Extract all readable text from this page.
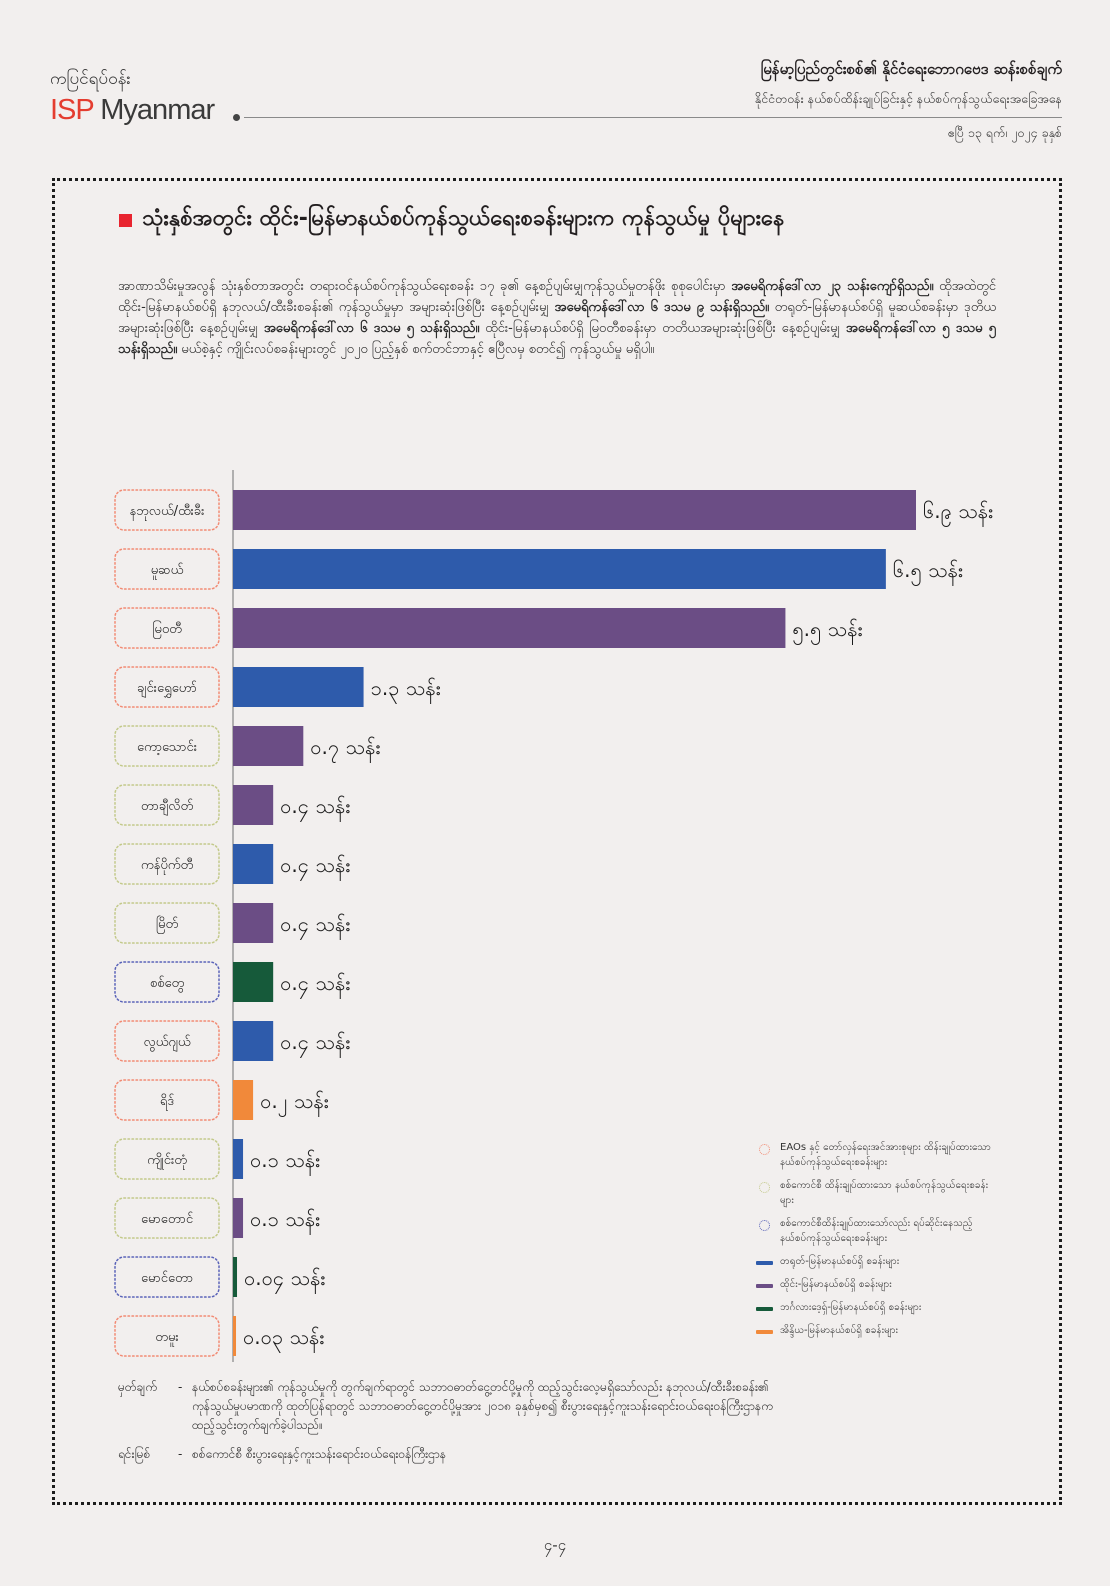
ကပြင်ရပ်ဝန်း
ISP Myanmar
မြန်မာ့ပြည်တွင်းစစ်၏ နိုင်ငံရေးဘောဂဗေဒ ဆန်းစစ်ချက်
နိုင်ငံတဝန်း နယ်စပ်ထိန်းချုပ်ခြင်းနှင့် နယ်စပ်ကုန်သွယ်ရေးအခြေအနေ
ဧပြီ ၁၃ ရက်၊ ၂၀၂၄ ခုနှစ်
သုံးနှစ်အတွင်း ထိုင်း-မြန်မာနယ်စပ်ကုန်သွယ်ရေးစခန်းများက ကုန်သွယ်မှု ပိုများနေ
အာဏာသိမ်းမှုအလွန် သုံးနှစ်တာအတွင်း တရားဝင်နယ်စပ်ကုန်သွယ်ရေးစခန်း ၁၇ ခု၏ နေ့စဉ်ပျမ်းမျှကုန်သွယ်မှုတန်ဖိုး စုစုပေါင်းမှာ အမေရိကန်ဒေါ်လာ ၂၃ သန်းကျော်ရှိသည်။ ထိုအထဲတွင် ထိုင်း-မြန်မာနယ်စပ်ရှိ နဘုလယ်/ထီးခီးစခန်း၏ ကုန်သွယ်မှုမှာ အများဆုံးဖြစ်ပြီး နေ့စဉ်ပျမ်းမျှ အမေရိကန်ဒေါ်လာ ၆ ဒသမ ၉ သန်းရှိသည်။ တရုတ်-မြန်မာနယ်စပ်ရှိ မူဆယ်စခန်းမှာ ဒုတိယအများဆုံးဖြစ်ပြီး နေ့စဉ်ပျမ်းမျှ အမေရိကန်ဒေါ်လာ ၆ ဒသမ ၅ သန်းရှိသည်။ ထိုင်း-မြန်မာနယ်စပ်ရှိ မြဝတီစခန်းမှာ တတိယအများဆုံးဖြစ်ပြီး နေ့စဉ်ပျမ်းမျှ အမေရိကန်ဒေါ်လာ ၅ ဒသမ ၅ သန်းရှိသည်။ မယ်စဲ့နှင့် ကျိုင်းလပ်စခန်းများတွင် ၂၀၂၀ ပြည့်နှစ် စက်တင်ဘာနှင့် ဧပြီလမှ စတင်၍ ကုန်သွယ်မှု မရှိပါ။
နဘုလယ်/ထီးခီး	၆.၉ သန်း
မူဆယ်	၆.၅ သန်း
မြဝတီ	၅.၅ သန်း
ချင်းရွှေဟော်	၁.၃ သန်း
ကော့သောင်း	၀.၇ သန်း
တာချီလိတ်	၀.၄ သန်း
ကန်ပိုက်တီ	၀.၄ သန်း
မြိတ်	၀.၄ သန်း
စစ်တွေ	၀.၄ သန်း
လွယ်ဂျယ်	၀.၄ သန်း
ရိဒ်	၀.၂ သန်း
ကျိုင်းတုံ	၀.၁ သန်း
မောတောင်	၀.၁ သန်း
မောင်တော	၀.၀၄ သန်း
တမူး	၀.၀၃ သန်း
EAOs နှင့် တော်လှန်ရေးအင်အားစုများ ထိန်းချုပ်ထားသော နယ်စပ်ကုန်သွယ်ရေးစခန်းများ
စစ်ကောင်စီ ထိန်းချုပ်ထားသော နယ်စပ်ကုန်သွယ်ရေးစခန်းများ
စစ်ကောင်စီထိန်းချုပ်ထားသော်လည်း ရပ်ဆိုင်းနေသည့် နယ်စပ်ကုန်သွယ်ရေးစခန်းများ
တရုတ်-မြန်မာနယ်စပ်ရှိ စခန်းများ
ထိုင်း-မြန်မာနယ်စပ်ရှိ စခန်းများ
ဘင်္ဂလားဒေ့ရှ်-မြန်မာနယ်စပ်ရှိ စခန်းများ
အိန္ဒိယ-မြန်မာနယ်စပ်ရှိ စခန်းများ
မှတ်ချက်	- နယ်စပ်စခန်းများ၏ ကုန်သွယ်မှုကို တွက်ချက်ရာတွင် သဘာဝဓာတ်ငွေ့တင်ပို့မှုကို ထည့်သွင်းလေ့မရှိသော်လည်း နဘုလယ်/ထီးခီးစခန်း၏ ကုန်သွယ်မှုပမာဏကို ထုတ်ပြန်ရာတွင် သဘာဝဓာတ်ငွေ့တင်ပို့မှုအား ၂၀၁၈ ခုနှစ်မှစ၍ စီးပွားရေးနှင့်ကူးသန်းရောင်းဝယ်ရေးဝန်ကြီးဌာနက ထည့်သွင်းတွက်ချက်ခဲ့ပါသည်။
ရင်းမြစ်	- စစ်ကောင်စီ စီးပွားရေးနှင့်ကူးသန်းရောင်းဝယ်ရေးဝန်ကြီးဌာန
၄-၄
